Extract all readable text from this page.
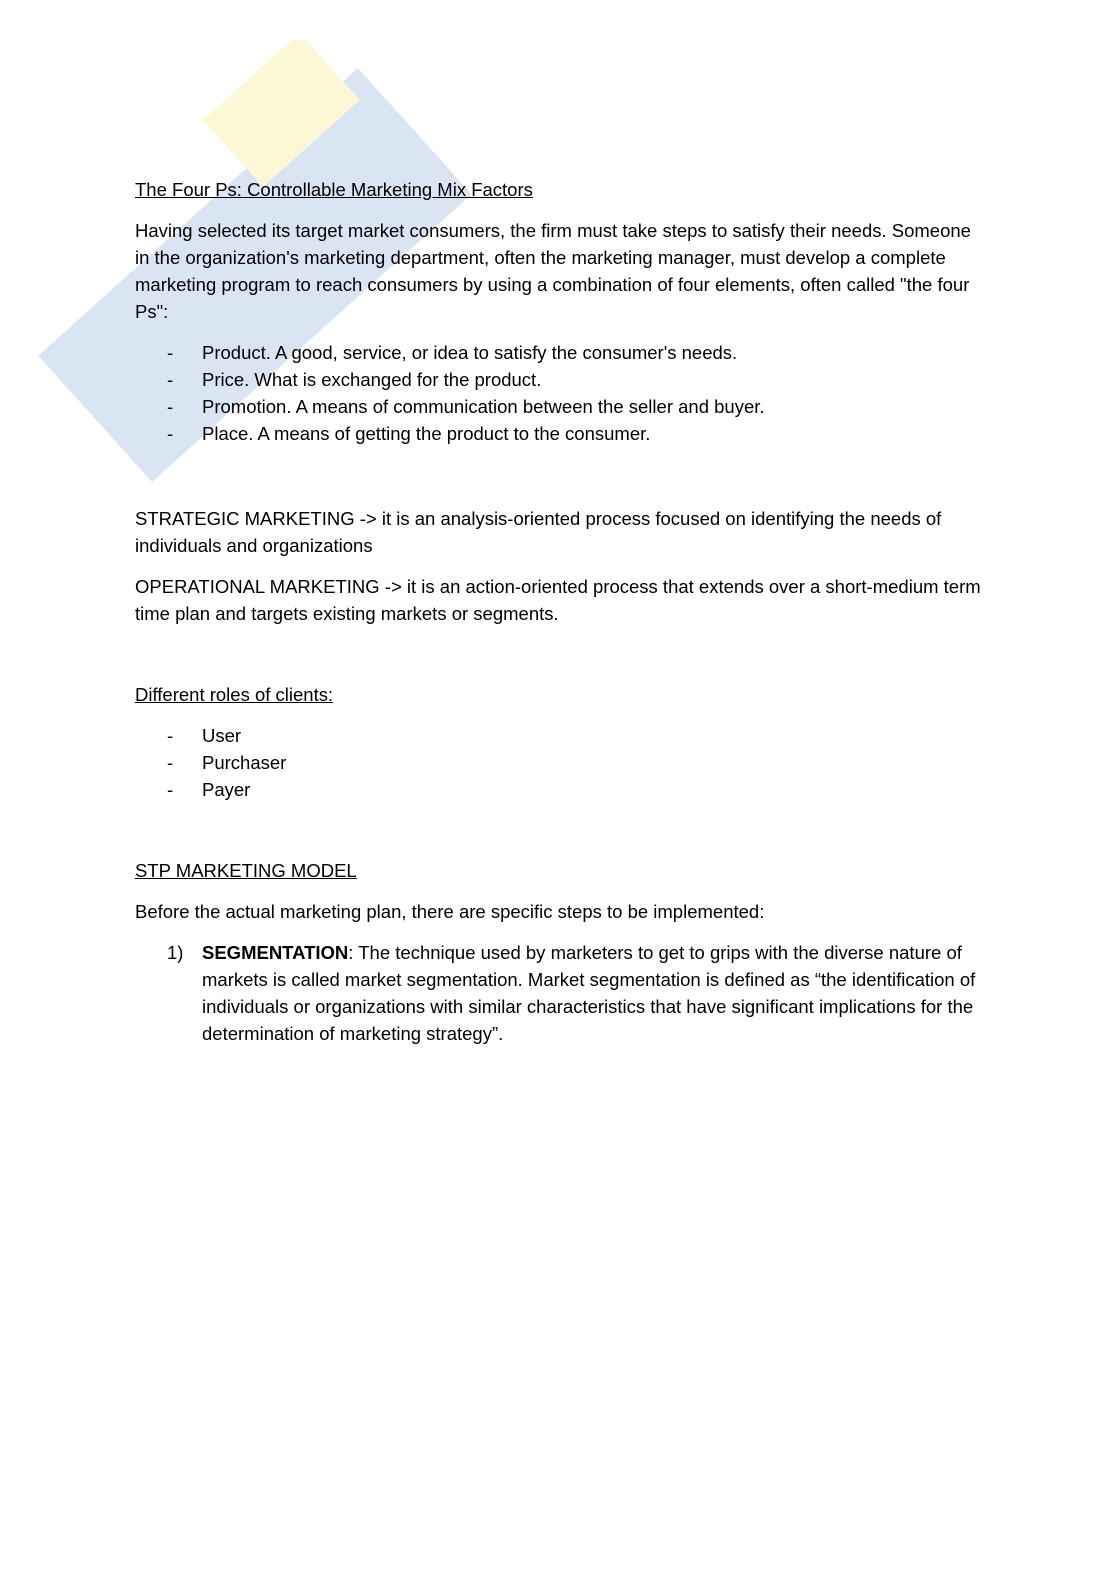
The Four Ps: Controllable Marketing Mix Factors
Having selected its target market consumers, the firm must take steps to satisfy their needs. Someone in the organization's marketing department, often the marketing manager, must develop a complete marketing program to reach consumers by using a combination of four elements, often called "the four Ps":
- Product. A good, service, or idea to satisfy the consumer's needs.
- Price. What is exchanged for the product.
- Promotion. A means of communication between the seller and buyer.
- Place. A means of getting the product to the consumer.
STRATEGIC MARKETING -> it is an analysis-oriented process focused on identifying the needs of individuals and organizations
OPERATIONAL MARKETING -> it is an action-oriented process that extends over a short-medium term time plan and targets existing markets or segments.
Different roles of clients:
- User
- Purchaser
- Payer
STP MARKETING MODEL
Before the actual marketing plan, there are specific steps to be implemented:
1) SEGMENTATION: The technique used by marketers to get to grips with the diverse nature of markets is called market segmentation. Market segmentation is defined as “the identification of individuals or organizations with similar characteristics that have significant implications for the determination of marketing strategy”.
